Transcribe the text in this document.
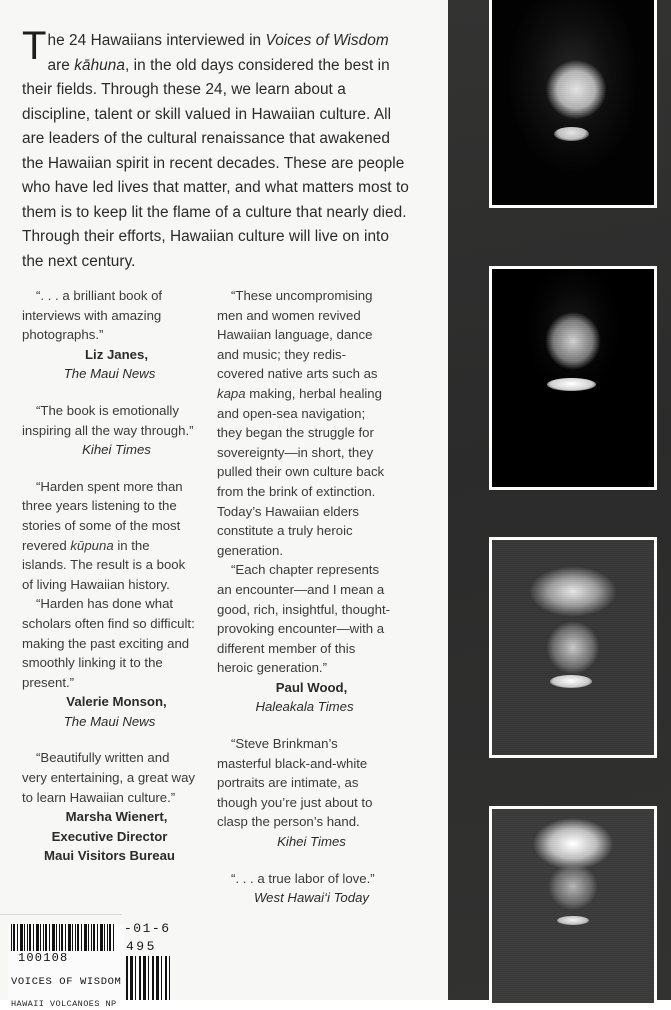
The 24 Hawaiians interviewed in Voices of Wisdom are kāhuna, in the old days considered the best in their fields. Through these 24, we learn about a discipline, talent or skill valued in Hawaiian culture. All are leaders of the cultural renaissance that awakened the Hawaiian spirit in recent decades. These are people who have led lives that matter, and what matters most to them is to keep lit the flame of a culture that nearly died. Through their efforts, Hawaiian culture will live on into the next century.

“. . . a brilliant book of interviews with amazing photographs.”

Liz Janes,
The Maui News

“The book is emotionally inspiring all the way through.”

Kihei Times

“Harden spent more than three years listening to the stories of some of the most revered kūpuna in the islands. The result is a book of living Hawaiian history.

“Harden has done what scholars often find so difficult: making the past exciting and smoothly linking it to the present.”

Valerie Monson,
The Maui News

“Beautifully written and very entertaining, a great way to learn Hawaiian culture.”

Marsha Wienert,
Executive Director
Maui Visitors Bureau

“These uncompromising men and women revived Hawaiian language, dance and music; they redis-covered native arts such as kapa making, herbal healing and open-sea navigation; they began the struggle for sovereignty—in short, they pulled their own culture back from the brink of extinction. Today’s Hawaiian elders constitute a truly heroic generation.

“Each chapter represents an encounter—and I mean a good, rich, insightful, thought-provoking encounter—with a different member of this heroic generation.”

Paul Wood,
Haleakala Times

“Steve Brinkman’s masterful black-and-white portraits are intimate, as though you’re just about to clasp the person’s hand.

Kihei Times

“. . . a true labor of love.”

West Hawai‘i Today

100108

VOICES OF WISDOM

HAWAII VOLCANOES NP

-01-6

495
